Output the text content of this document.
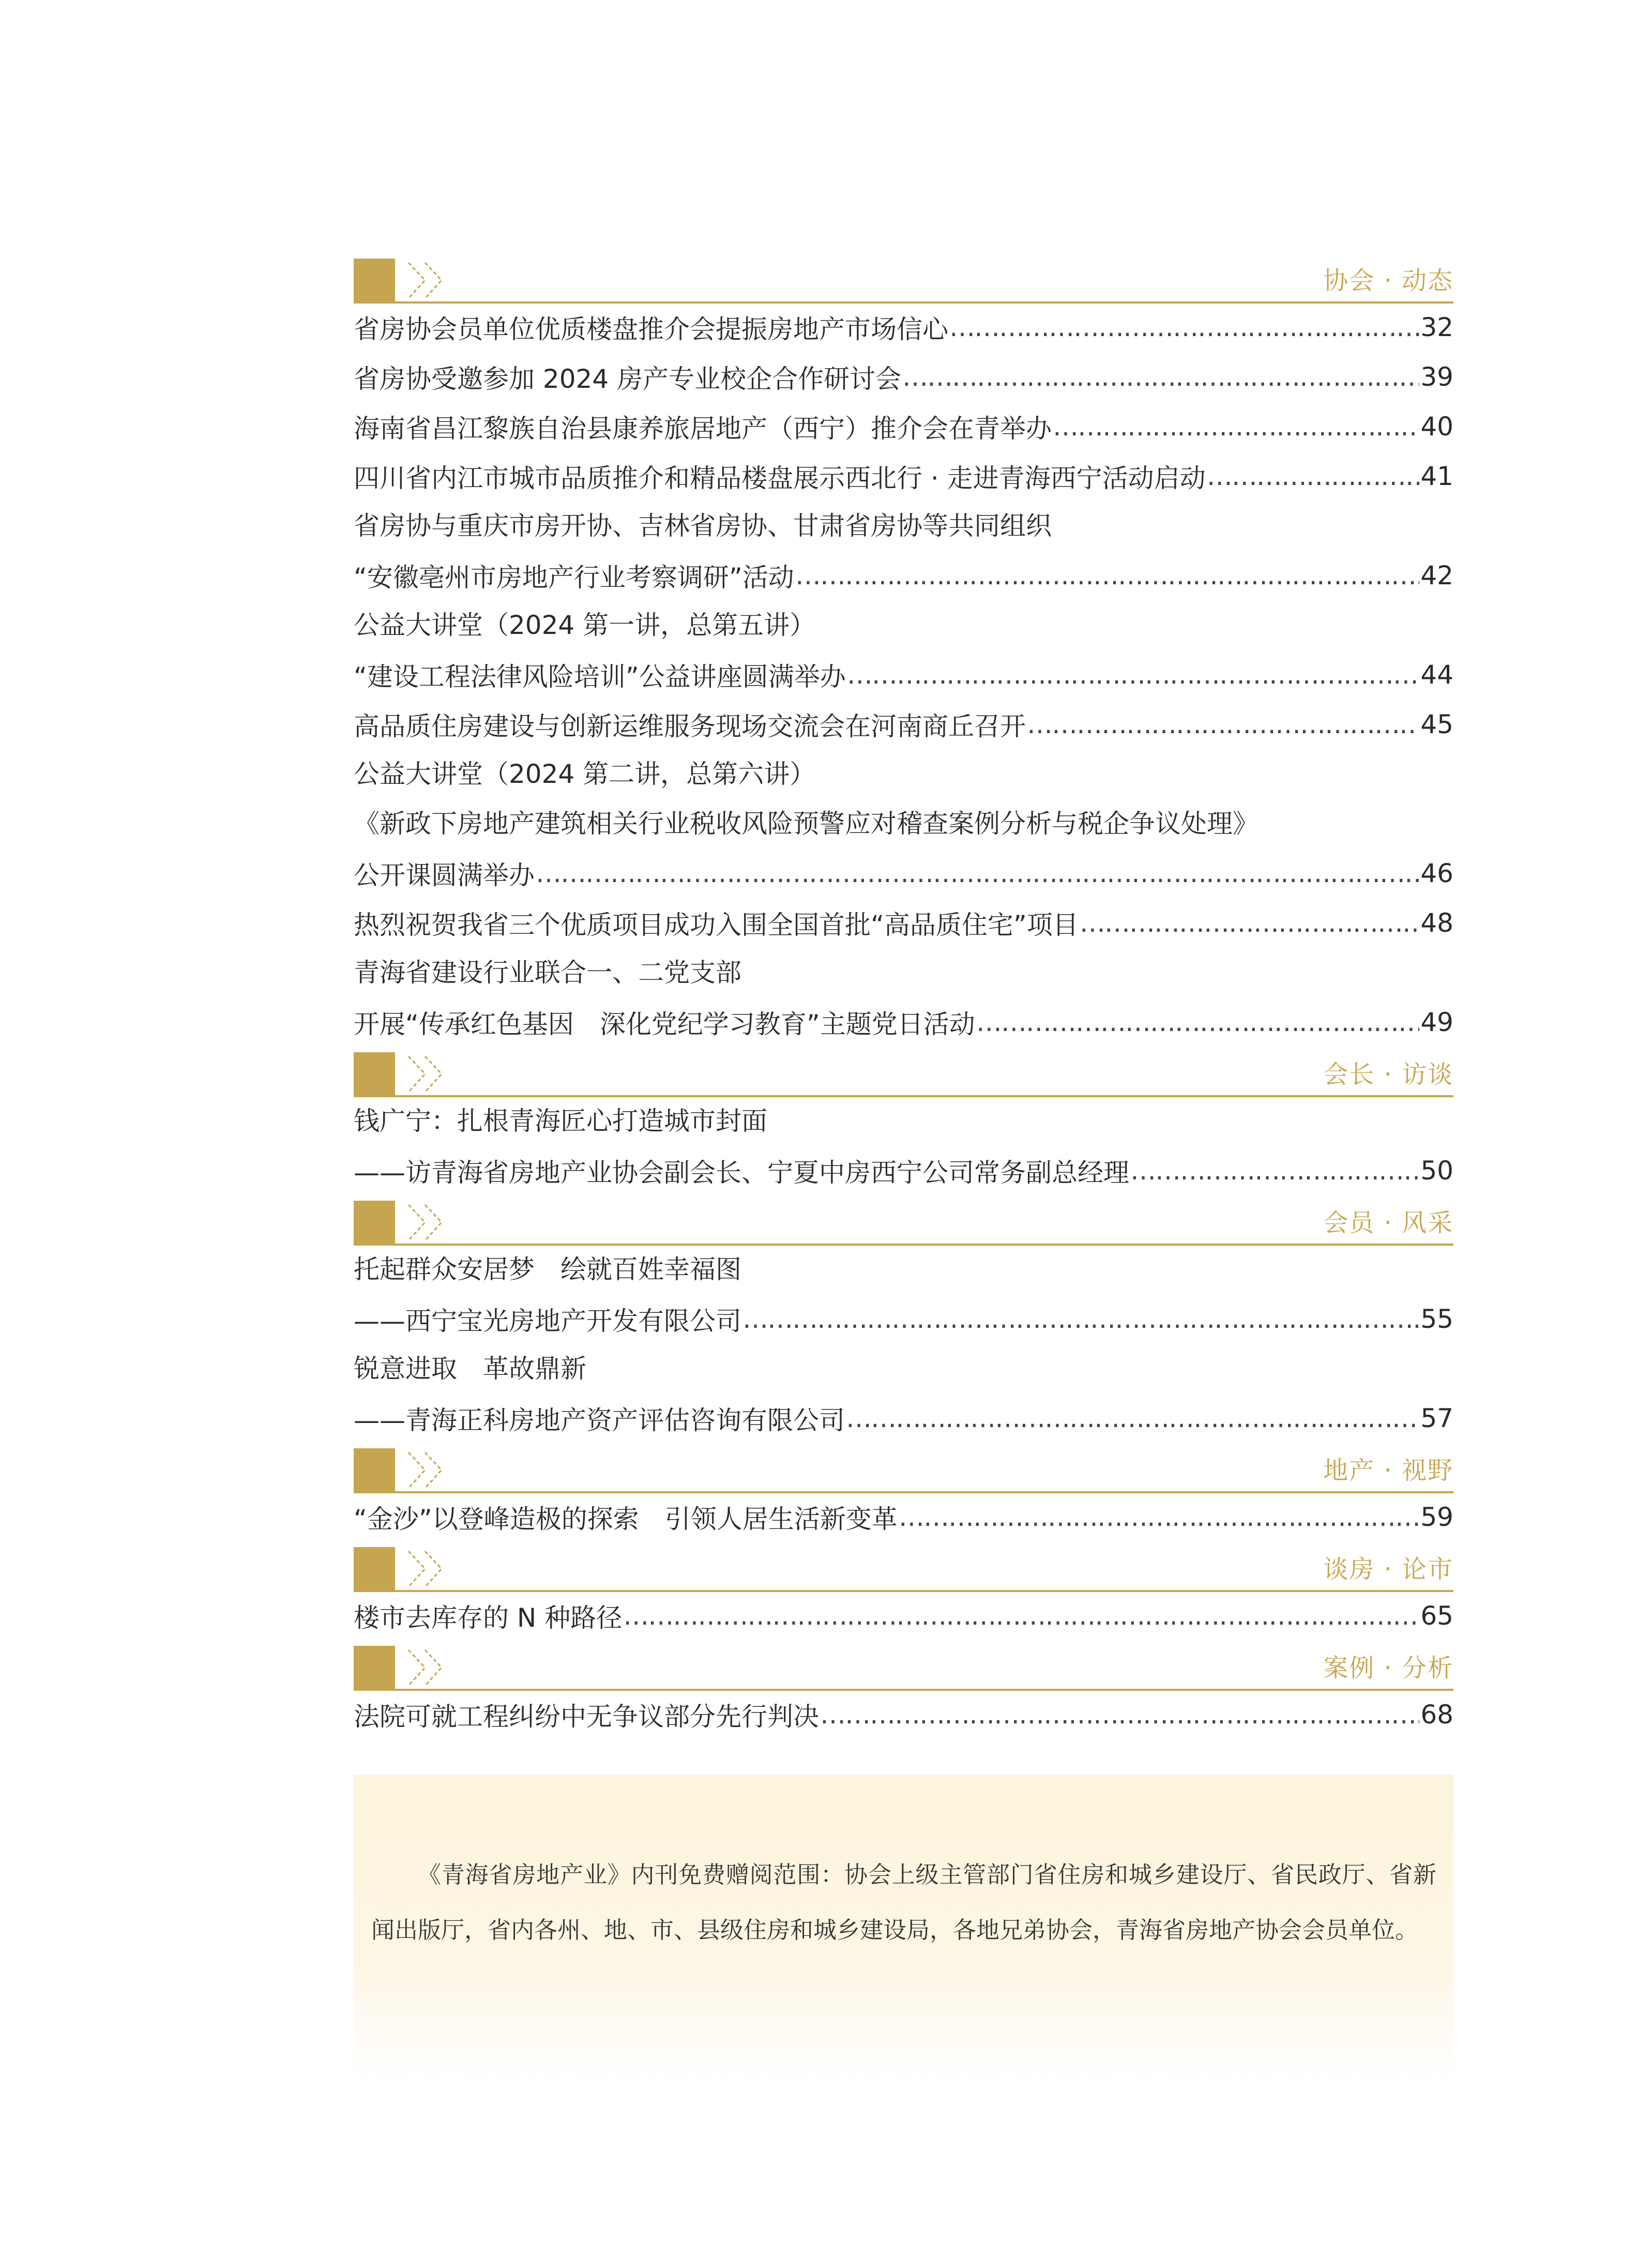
协会 · 动态
省房协会员单位优质楼盘推介会提振房地产市场信心 …………………………………………………………………………………………………………………………………………………………………………………………………………………………………………………………………………	32
省房协受邀参加 2024 房产专业校企合作研讨会 …………………………………………………………………………………………………………………………………………………………………………………………………………………………………………………………………………	39
海南省昌江黎族自治县康养旅居地产（西宁）推介会在青举办 …………………………………………………………………………………………………………………………………………………………………………………………………………………………………………………………………………	40
四川省内江市城市品质推介和精品楼盘展示西北行 · 走进青海西宁活动启动 …………………………………………………………………………………………………………………………………………………………………………………………………………………………………………………………………………	41
省房协与重庆市房开协、吉林省房协、甘肃省房协等共同组织
“安徽亳州市房地产行业考察调研”活动 …………………………………………………………………………………………………………………………………………………………………………………………………………………………………………………………………………	42
公益大讲堂（2024 第一讲，总第五讲）
“建设工程法律风险培训”公益讲座圆满举办 …………………………………………………………………………………………………………………………………………………………………………………………………………………………………………………………………………	44
高品质住房建设与创新运维服务现场交流会在河南商丘召开 …………………………………………………………………………………………………………………………………………………………………………………………………………………………………………………………………………	45
公益大讲堂（2024 第二讲，总第六讲）
《新政下房地产建筑相关行业税收风险预警应对稽查案例分析与税企争议处理》
公开课圆满举办 …………………………………………………………………………………………………………………………………………………………………………………………………………………………………………………………………………	46
热烈祝贺我省三个优质项目成功入围全国首批“高品质住宅”项目 …………………………………………………………………………………………………………………………………………………………………………………………………………………………………………………………………………	48
青海省建设行业联合一、二党支部
开展“传承红色基因　深化党纪学习教育”主题党日活动 …………………………………………………………………………………………………………………………………………………………………………………………………………………………………………………………………………	49
会长 · 访谈
钱广宁：扎根青海匠心打造城市封面
——访青海省房地产业协会副会长、宁夏中房西宁公司常务副总经理 …………………………………………………………………………………………………………………………………………………………………………………………………………………………………………………………………………	50
会员 · 风采
托起群众安居梦　绘就百姓幸福图
——西宁宝光房地产开发有限公司 …………………………………………………………………………………………………………………………………………………………………………………………………………………………………………………………………………	55
锐意进取　革故鼎新
——青海正科房地产资产评估咨询有限公司 …………………………………………………………………………………………………………………………………………………………………………………………………………………………………………………………………………	57
地产 · 视野
“金沙”以登峰造极的探索　引领人居生活新变革 …………………………………………………………………………………………………………………………………………………………………………………………………………………………………………………………………………	59
谈房 · 论市
楼市去库存的 N 种路径 …………………………………………………………………………………………………………………………………………………………………………………………………………………………………………………………………………	65
案例 · 分析
法院可就工程纠纷中无争议部分先行判决 …………………………………………………………………………………………………………………………………………………………………………………………………………………………………………………………………………	68

《青海省房地产业》内刊免费赠阅范围：协会上级主管部门省住房和城乡建设厅、省民政厅、省新闻出版厅，省内各州、地、市、县级住房和城乡建设局，各地兄弟协会，青海省房地产协会会员单位。
